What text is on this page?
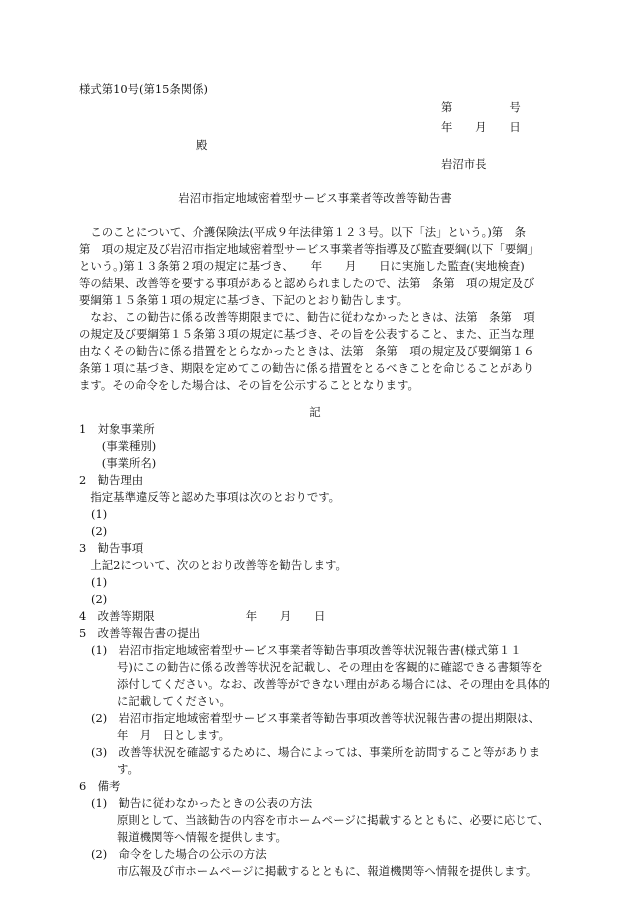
様式第10号(第15条関係)
第　　　　　号
年　　月　　日
殿
岩沼市長
岩沼市指定地域密着型サービス事業者等改善等勧告書
　このことについて、介護保険法(平成９年法律第１２３号。以下「法」という。)第　条
第　項の規定及び岩沼市指定地域密着型サービス事業者等指導及び監査要綱(以下「要綱」
という。)第１３条第２項の規定に基づき、　　年　　月　　日に実施した監査(実地検査)
等の結果、改善等を要する事項があると認められましたので、法第　条第　項の規定及び
要綱第１５条第１項の規定に基づき、下記のとおり勧告します。
　なお、この勧告に係る改善等期限までに、勧告に従わなかったときは、法第　条第　項
の規定及び要綱第１５条第３項の規定に基づき、その旨を公表すること、また、正当な理
由なくその勧告に係る措置をとらなかったときは、法第　条第　項の規定及び要綱第１６
条第１項に基づき、期限を定めてこの勧告に係る措置をとるべきことを命じることがあり
ます。その命令をした場合は、その旨を公示することとなります。
記
1　対象事業所
　　(事業種別)
　　(事業所名)
2　勧告理由
　指定基準違反等と認めた事項は次のとおりです。
(1)
(2)
3　勧告事項
　上記2について、次のとおり改善等を勧告します。
(1)
(2)
4　改善等期限　　　　　　　　年　　月　　日
5　改善等報告書の提出
(1)　岩沼市指定地域密着型サービス事業者等勧告事項改善等状況報告書(様式第１１
号)にこの勧告に係る改善等状況を記載し、その理由を客観的に確認できる書類等を
添付してください。なお、改善等ができない理由がある場合には、その理由を具体的
に記載してください。
(2)　岩沼市指定地域密着型サービス事業者等勧告事項改善等状況報告書の提出期限は、
年　月　日とします。
(3)　改善等状況を確認するために、場合によっては、事業所を訪問すること等がありま
す。
6　備考
(1)　勧告に従わなかったときの公表の方法
原則として、当該勧告の内容を市ホームページに掲載するとともに、必要に応じて、
報道機関等へ情報を提供します。
(2)　命令をした場合の公示の方法
市広報及び市ホームページに掲載するとともに、報道機関等へ情報を提供します。
